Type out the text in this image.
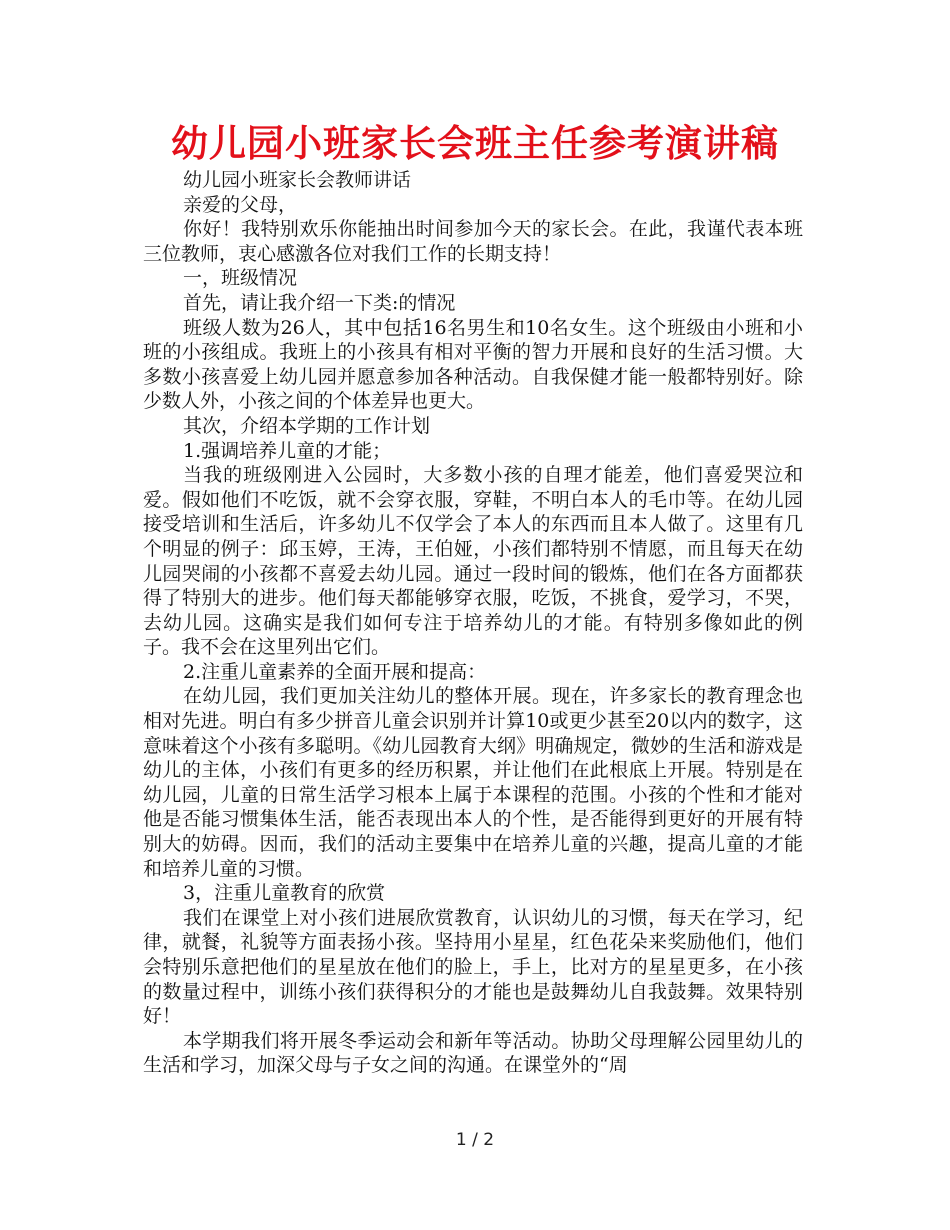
幼儿园小班家长会班主任参考演讲稿

幼儿园小班家长会教师讲话

亲爱的父母，

你好！我特别欢乐你能抽出时间参加今天的家长会。在此，我谨代表本班三位教师，衷心感激各位对我们工作的长期支持！

一，班级情况

首先，请让我介绍一下类:的情况

班级人数为26人，其中包括16名男生和10名女生。这个班级由小班和小班的小孩组成。我班上的小孩具有相对平衡的智力开展和良好的生活习惯。大多数小孩喜爱上幼儿园并愿意参加各种活动。自我保健才能一般都特别好。除少数人外，小孩之间的个体差异也更大。

其次，介绍本学期的工作计划

1.强调培养儿童的才能；

当我的班级刚进入公园时，大多数小孩的自理才能差，他们喜爱哭泣和爱。假如他们不吃饭，就不会穿衣服，穿鞋，不明白本人的毛巾等。在幼儿园接受培训和生活后，许多幼儿不仅学会了本人的东西而且本人做了。这里有几个明显的例子：邱玉婷，王涛，王伯娅，小孩们都特别不情愿，而且每天在幼儿园哭闹的小孩都不喜爱去幼儿园。通过一段时间的锻炼，他们在各方面都获得了特别大的进步。他们每天都能够穿衣服，吃饭，不挑食，爱学习，不哭，去幼儿园。这确实是我们如何专注于培养幼儿的才能。有特别多像如此的例子。我不会在这里列出它们。

2.注重儿童素养的全面开展和提高：

在幼儿园，我们更加关注幼儿的整体开展。现在，许多家长的教育理念也相对先进。明白有多少拼音儿童会识别并计算10或更少甚至20以内的数字，这意味着这个小孩有多聪明。《幼儿园教育大纲》明确规定，微妙的生活和游戏是幼儿的主体，小孩们有更多的经历积累，并让他们在此根底上开展。特别是在幼儿园，儿童的日常生活学习根本上属于本课程的范围。小孩的个性和才能对他是否能习惯集体生活，能否表现出本人的个性，是否能得到更好的开展有特别大的妨碍。因而，我们的活动主要集中在培养儿童的兴趣，提高儿童的才能和培养儿童的习惯。

3，注重儿童教育的欣赏

我们在课堂上对小孩们进展欣赏教育，认识幼儿的习惯，每天在学习，纪律，就餐，礼貌等方面表扬小孩。坚持用小星星，红色花朵来奖励他们，他们会特别乐意把他们的星星放在他们的脸上，手上，比对方的星星更多，在小孩的数量过程中，训练小孩们获得积分的才能也是鼓舞幼儿自我鼓舞。效果特别好！

本学期我们将开展冬季运动会和新年等活动。协助父母理解公园里幼儿的生活和学习，加深父母与子女之间的沟通。在课堂外的“周

1 / 2
